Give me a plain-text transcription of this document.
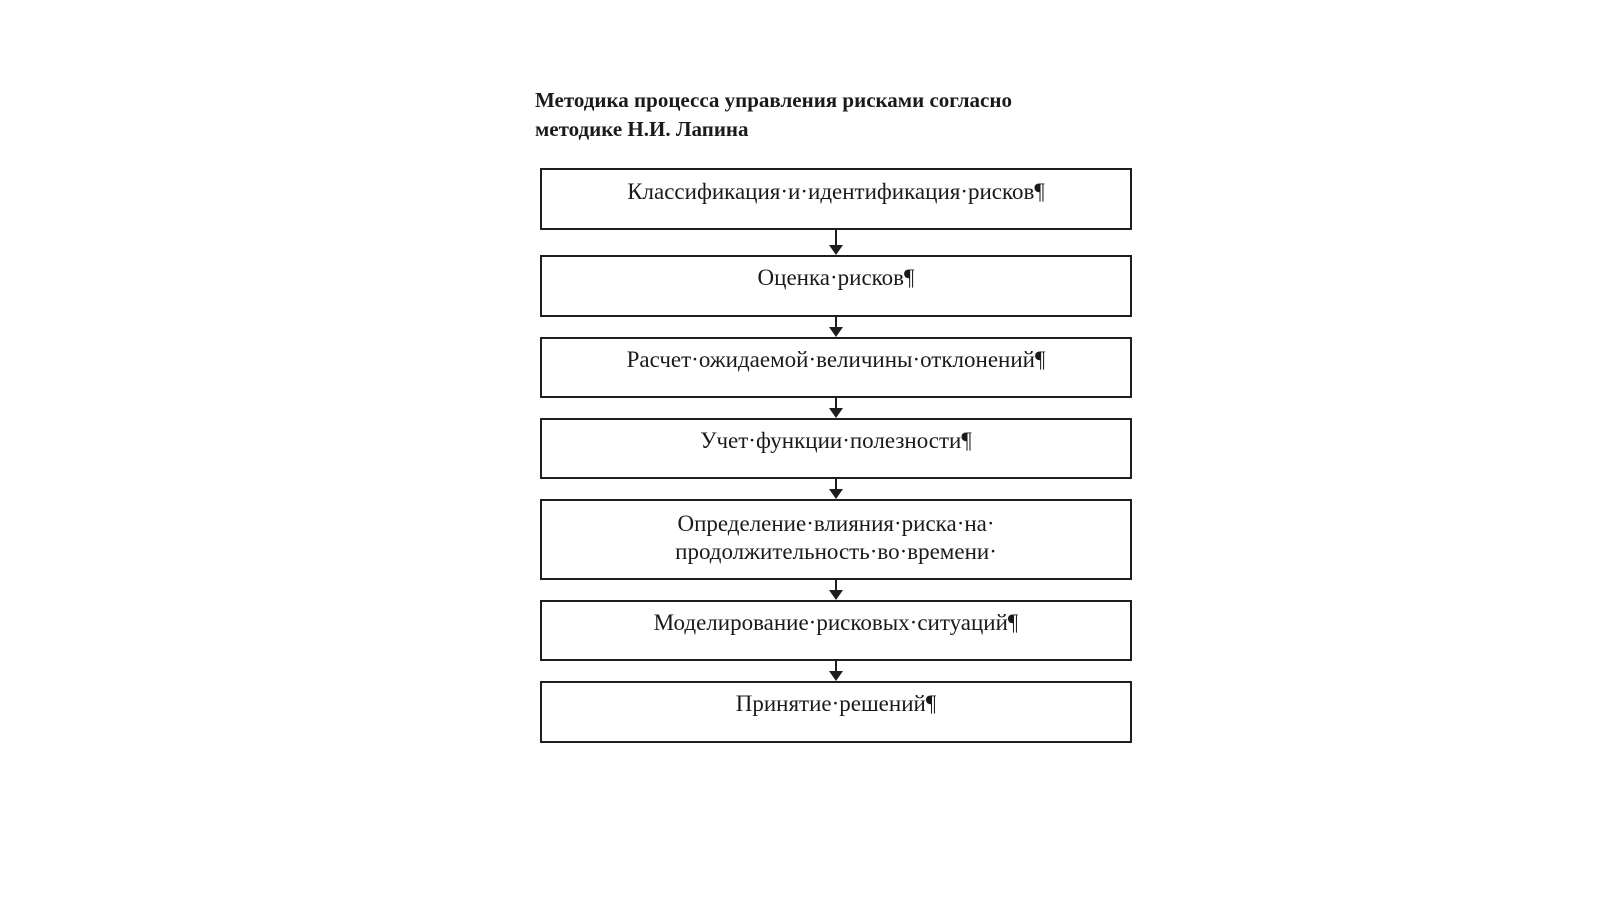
Методика процесса управления рисками согласно
методике Н.И. Лапина
Классификация·и·идентификация·рисков¶
Оценка·рисков¶
Расчет·ожидаемой·величины·отклонений¶
Учет·функции·полезности¶
Определение·влияния·риска·на·
продолжительность·во·времени·
Моделирование·рисковых·ситуаций¶
Принятие·решений¶
